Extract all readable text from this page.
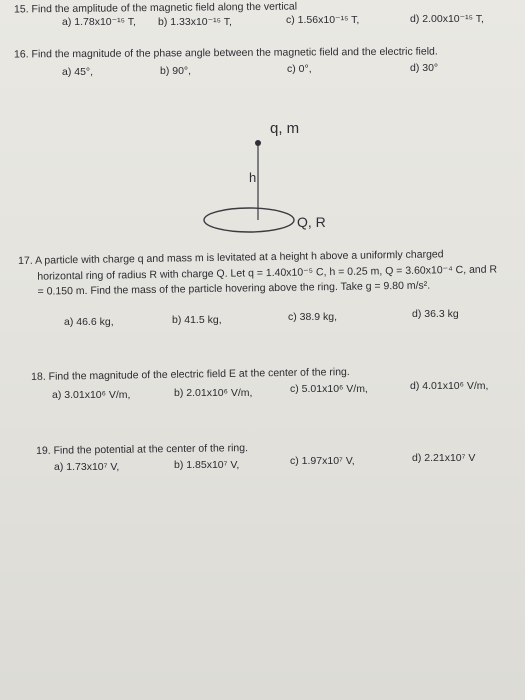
15. Find the amplitude of the magnetic field along the vertical
a) 1.78x10⁻¹⁵ T, b) 1.33x10⁻¹⁵ T,	c) 1.56x10⁻¹⁵ T,	d) 2.00x10⁻¹⁵ T,
16. Find the magnitude of the phase angle between the magnetic field and the electric field.
a) 45°,	b) 90°,	c) 0°,	d) 30°
q, m
h
Q, R
17. A particle with charge q and mass m is levitated at a height h above a uniformly charged
horizontal ring of radius R with charge Q. Let q = 1.40x10⁻⁵ C, h = 0.25 m, Q = 3.60x10⁻⁴ C, and R
= 0.150 m. Find the mass of the particle hovering above the ring. Take g = 9.80 m/s².
a) 46.6 kg,	b) 41.5 kg,	c) 38.9 kg,	d) 36.3 kg
18. Find the magnitude of the electric field E at the center of the ring.
a) 3.01x10⁶ V/m,	b) 2.01x10⁶ V/m,	c) 5.01x10⁶ V/m,	d) 4.01x10⁶ V/m,
19. Find the potential at the center of the ring.
a) 1.73x10⁷ V,	b) 1.85x10⁷ V,	c) 1.97x10⁷ V,	d) 2.21x10⁷ V
